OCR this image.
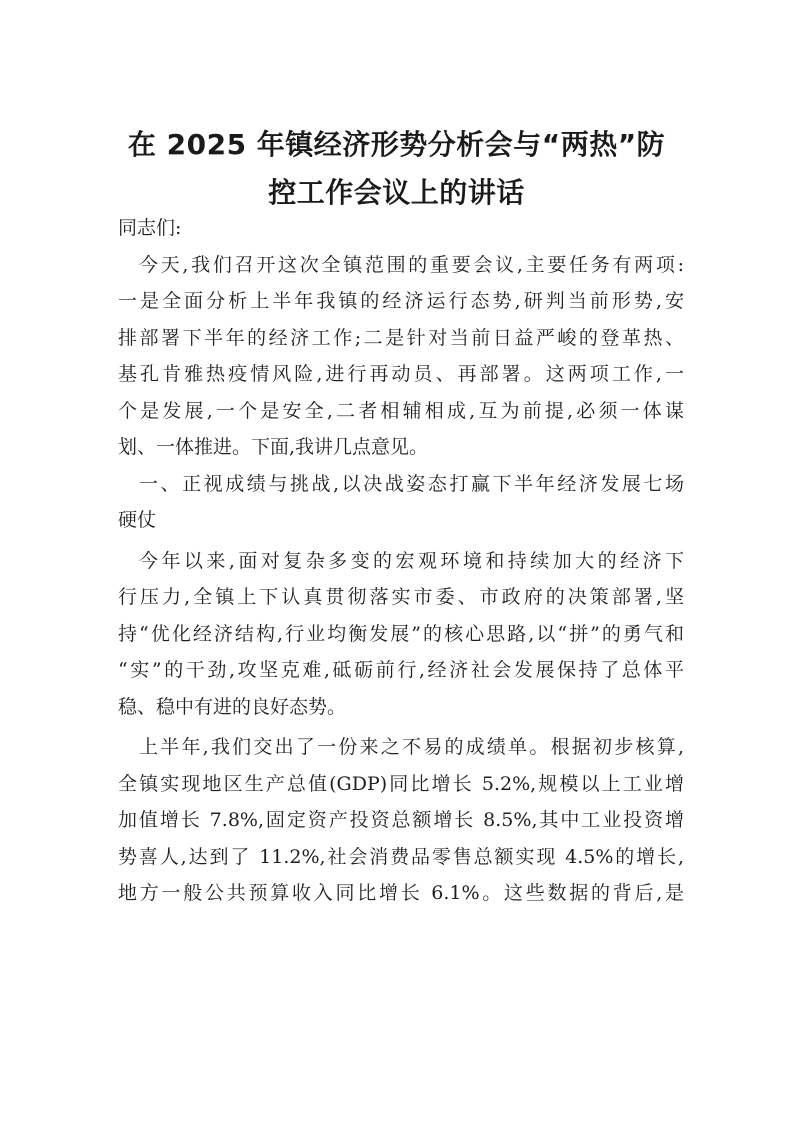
在 2025 年镇经济形势分析会与“两热”防
控工作会议上的讲话
同志们:
今天,我们召开这次全镇范围的重要会议,主要任务有两项:
一是全面分析上半年我镇的经济运行态势,研判当前形势,安
排部署下半年的经济工作;二是针对当前日益严峻的登革热、
基孔肯雅热疫情风险,进行再动员、再部署。这两项工作,一
个是发展,一个是安全,二者相辅相成,互为前提,必须一体谋
划、一体推进。下面,我讲几点意见。
一、正视成绩与挑战,以决战姿态打赢下半年经济发展七场
硬仗
今年以来,面对复杂多变的宏观环境和持续加大的经济下
行压力,全镇上下认真贯彻落实市委、市政府的决策部署,坚
持“优化经济结构,行业均衡发展”的核心思路,以“拼”的勇气和
“实”的干劲,攻坚克难,砥砺前行,经济社会发展保持了总体平
稳、稳中有进的良好态势。
上半年,我们交出了一份来之不易的成绩单。根据初步核算,
全镇实现地区生产总值(GDP)同比增长 5.2%,规模以上工业增
加值增长 7.8%,固定资产投资总额增长 8.5%,其中工业投资增
势喜人,达到了 11.2%,社会消费品零售总额实现 4.5%的增长,
地方一般公共预算收入同比增长 6.1%。这些数据的背后,是
